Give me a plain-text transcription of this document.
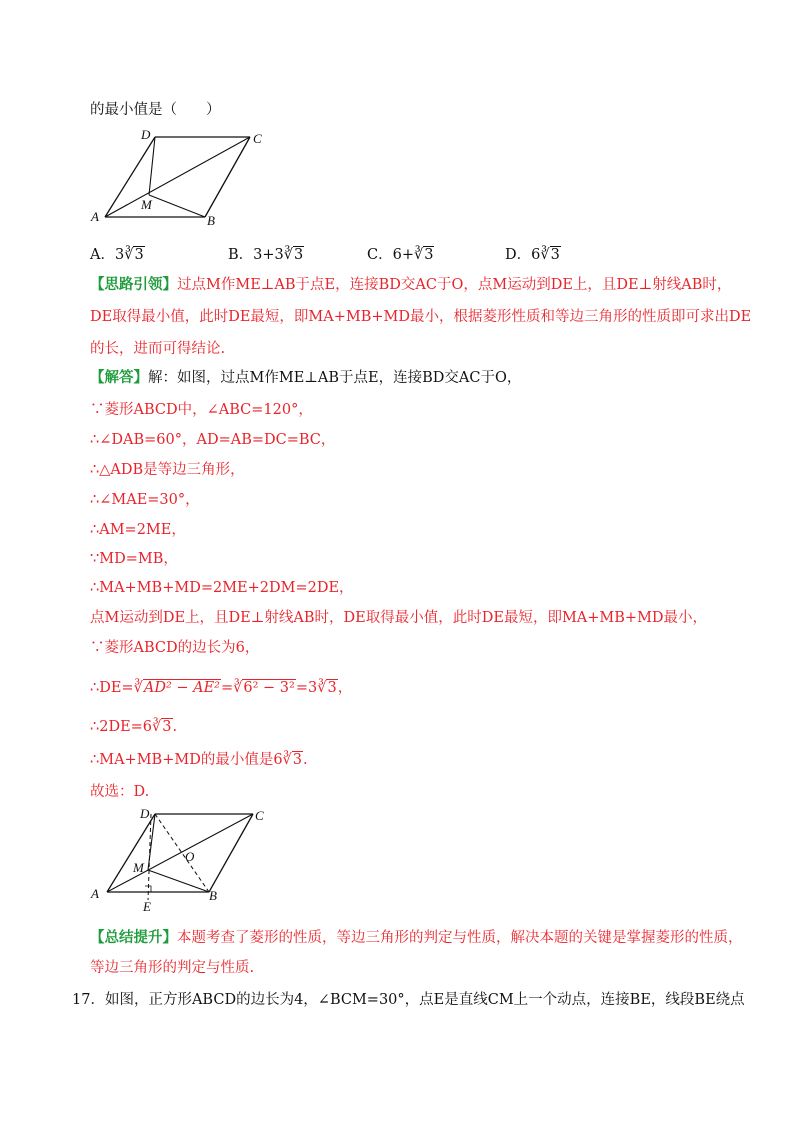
的最小值是（　　）
D	C
A
M
B
A．3∛3	B．3+3∛3	C．6+∛3	D．6∛3
【思路引领】过点M作ME⊥AB于点E，连接BD交AC于O，点M运动到DE上，且DE⊥射线AB时，
DE取得最小值，此时DE最短，即MA+MB+MD最小，根据菱形性质和等边三角形的性质即可求出DE
的长，进而可得结论.
【解答】解：如图，过点M作ME⊥AB于点E，连接BD交AC于O，
∵菱形ABCD中，∠ABC=120°，
∴∠DAB=60°，AD=AB=DC=BC，
∴△ADB是等边三角形，
∴∠MAE=30°，
∴AM=2ME，
∵MD=MB，
∴MA+MB+MD=2ME+2DM=2DE，
点M运动到DE上，且DE⊥射线AB时，DE取得最小值，此时DE最短，即MA+MB+MD最小，
∵菱形ABCD的边长为6，
∴DE=∛AD² − AE²=∛6² − 3²=3∛3，
∴2DE=6∛3.
∴MA+MB+MD的最小值是6∛3.
故选：D.
D	C
O
M
A	B
E
【总结提升】本题考查了菱形的性质，等边三角形的判定与性质，解决本题的关键是掌握菱形的性质，
等边三角形的判定与性质.
17．如图，正方形ABCD的边长为4，∠BCM=30°，点E是直线CM上一个动点，连接BE，线段BE绕点
